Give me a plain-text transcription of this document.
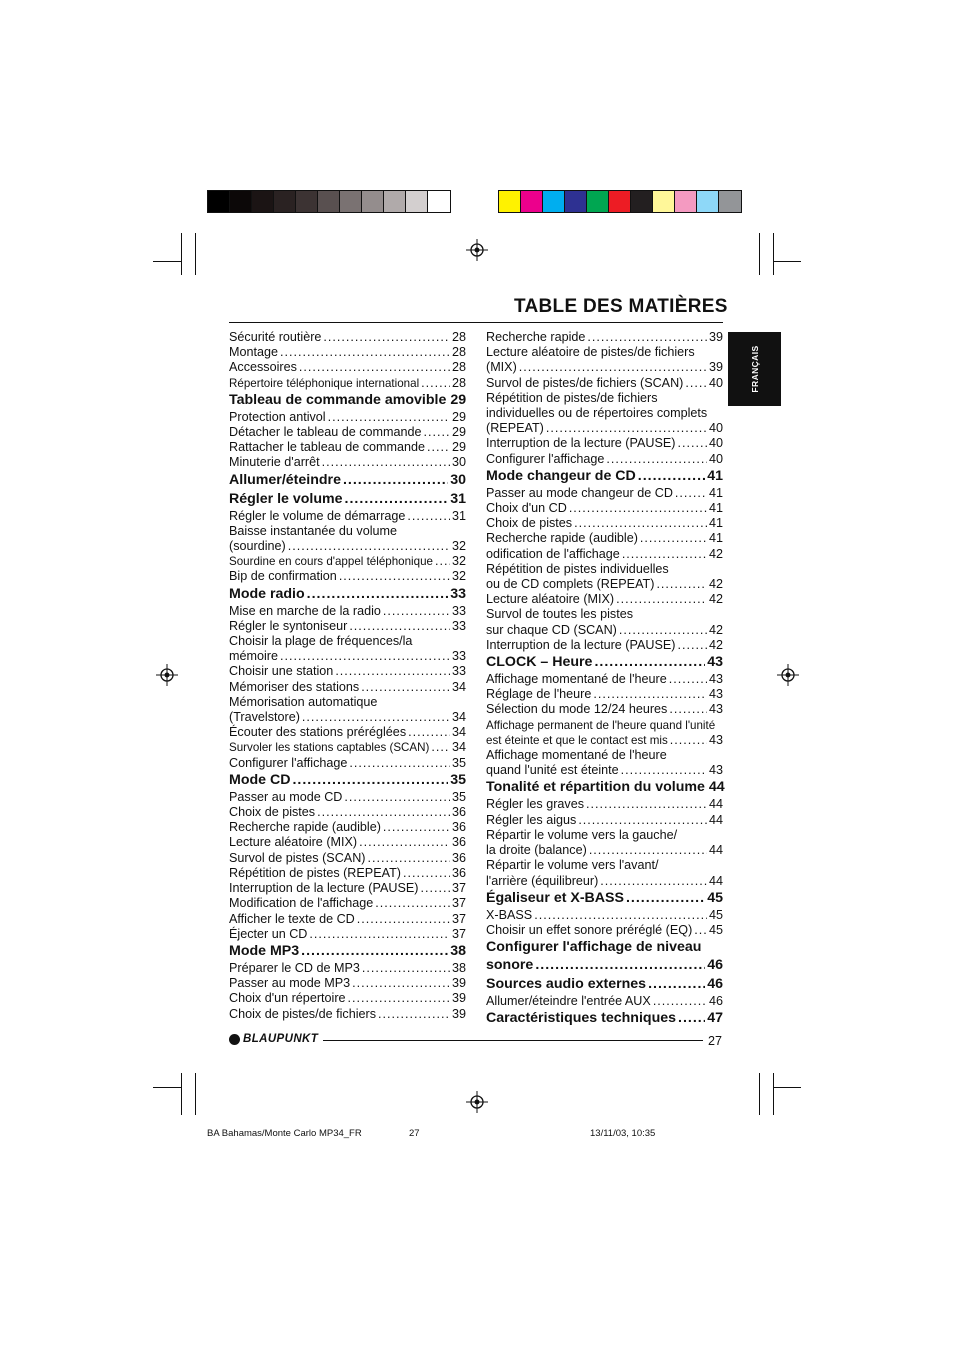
TABLE DES MATIÈRES
FRANÇAIS
Sécurité routière .....	28
Montage .....	28
Accessoires .....	28
Répertoire téléphonique international .....	28
Tableau de commande amovible 29
Protection antivol .....	29
Détacher le tableau de commande ..... 29
Rattacher le tableau de commande ..... 29
Minuterie d'arrêt .....	30
Allumer/éteindre .....	30
Régler le volume .....	31
Régler le volume de démarrage .....	31
Baisse instantanée du volume
(sourdine) .....	32
Sourdine en cours d'appel téléphonique ..... 32
Bip de confirmation .....	32
Mode radio .....	33
Mise en marche de la radio .....	33
Régler le syntoniseur .....	33
Choisir la plage de fréquences/la
mémoire .....	33
Choisir une station .....	33
Mémoriser des stations .....	34
Mémorisation automatique
(Travelstore) .....	34
Écouter des stations préréglées .....	34
Survoler les stations captables (SCAN) ..... 34
Configurer l'affichage .....	35
Mode CD .....	35
Passer au mode CD .....	35
Choix de pistes .....	36
Recherche rapide (audible) .....	36
Lecture aléatoire (MIX) .....	36
Survol de pistes (SCAN) .....	36
Répétition de pistes (REPEAT) .....	36
Interruption de la lecture (PAUSE) .....	37
Modification de l'affichage .....	37
Afficher le texte de CD .....	37
Éjecter un CD .....	37
Mode MP3 .....	38
Préparer le CD de MP3 .....	38
Passer au mode MP3 .....	39
Choix d'un répertoire .....	39
Choix de pistes/de fichiers .....	39
Recherche rapide .....	39
Lecture aléatoire de pistes/de fichiers
(MIX) .....	39
Survol de pistes/de fichiers (SCAN) ..... 40
Répétition de pistes/de fichiers
individuelles ou de répertoires complets
(REPEAT) .....	40
Interruption de la lecture (PAUSE) .....	40
Configurer l'affichage .....	40
Mode changeur de CD .....	41
Passer au mode changeur de CD .....	41
Choix d'un CD .....	41
Choix de pistes .....	41
Recherche rapide (audible) .....	41
odification de l'affichage .....	42
Répétition de pistes individuelles
ou de CD complets (REPEAT) .....	42
Lecture aléatoire (MIX) .....	42
Survol de toutes les pistes
sur chaque CD (SCAN) .....	42
Interruption de la lecture (PAUSE) .....	42
CLOCK – Heure .....	43
Affichage momentané de l'heure .....	43
Réglage de l'heure .....	43
Sélection du mode 12/24 heures .....	43
Affichage permanent de l'heure quand l'unité
est éteinte et que le contact est mis .....	43
Affichage momentané de l'heure
quand l'unité est éteinte .....	43
Tonalité et répartition du volume 44
Régler les graves .....	44
Régler les aigus .....	44
Répartir le volume vers la gauche/
la droite (balance) .....	44
Répartir le volume vers l'avant/
l'arrière (équilibreur) .....	44
Égaliseur et X-BASS .....	45
X-BASS .....	45
Choisir un effet sonore préréglé (EQ) ..... 45
Configurer l'affichage de niveau
sonore .....	46
Sources audio externes .....	46
Allumer/éteindre l'entrée AUX .....	46
Caractéristiques techniques ..... 47
BLAUPUNKT	27
BA Bahamas/Monte Carlo MP34_FR	27	13/11/03, 10:35
